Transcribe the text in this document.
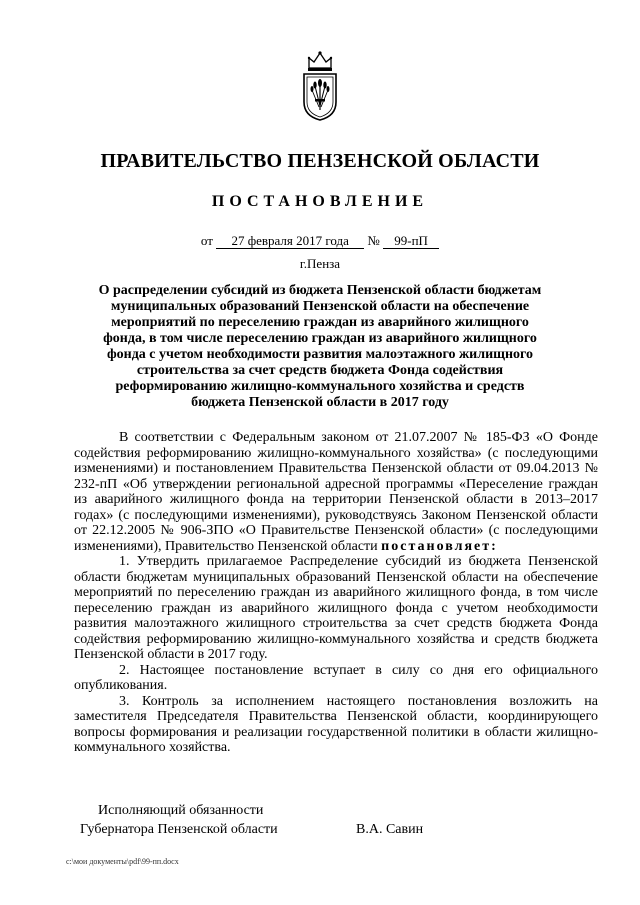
ПРАВИТЕЛЬСТВО ПЕНЗЕНСКОЙ ОБЛАСТИ
ПОСТАНОВЛЕНИЕ
от 27 февраля 2017 года № 99-пП
г.Пенза
О распределении субсидий из бюджета Пензенской области бюджетам муниципальных образований Пензенской области на обеспечение мероприятий по переселению граждан из аварийного жилищного фонда, в том числе переселению граждан из аварийного жилищного фонда с учетом необходимости развития малоэтажного жилищного строительства за счет средств бюджета Фонда содействия реформированию жилищно-коммунального хозяйства и средств бюджета Пензенской области в 2017 году

В соответствии с Федеральным законом от 21.07.2007 № 185-ФЗ «О Фонде содействия реформированию жилищно-коммунального хозяйства» (с последующими изменениями) и постановлением Правительства Пензенской области от 09.04.2013 № 232-пП «Об утверждении региональной адресной программы «Переселение граждан из аварийного жилищного фонда на территории Пензенской области в 2013–2017 годах» (с последующими изменениями), руководствуясь Законом Пензенской области от 22.12.2005 № 906-ЗПО «О Правительстве Пензенской области» (с последующими изменениями), Правительство Пензенской области постановляет:

1. Утвердить прилагаемое Распределение субсидий из бюджета Пензенской области бюджетам муниципальных образований Пензенской области на обеспечение мероприятий по переселению граждан из аварийного жилищного фонда, в том числе переселению граждан из аварийного жилищного фонда с учетом необходимости развития малоэтажного жилищного строительства за счет средств бюджета Фонда содействия реформированию жилищно-коммунального хозяйства и средств бюджета Пензенской области в 2017 году.

2. Настоящее постановление вступает в силу со дня его официального опубликования.

3. Контроль за исполнением настоящего постановления возложить на заместителя Председателя Правительства Пензенской области, координирующего вопросы формирования и реализации государственной политики в области жилищно-коммунального хозяйства.

Исполняющий обязанности
Губернатора Пензенской области	В.А. Савин
c:\мои документы\pdf\99-пп.docx
